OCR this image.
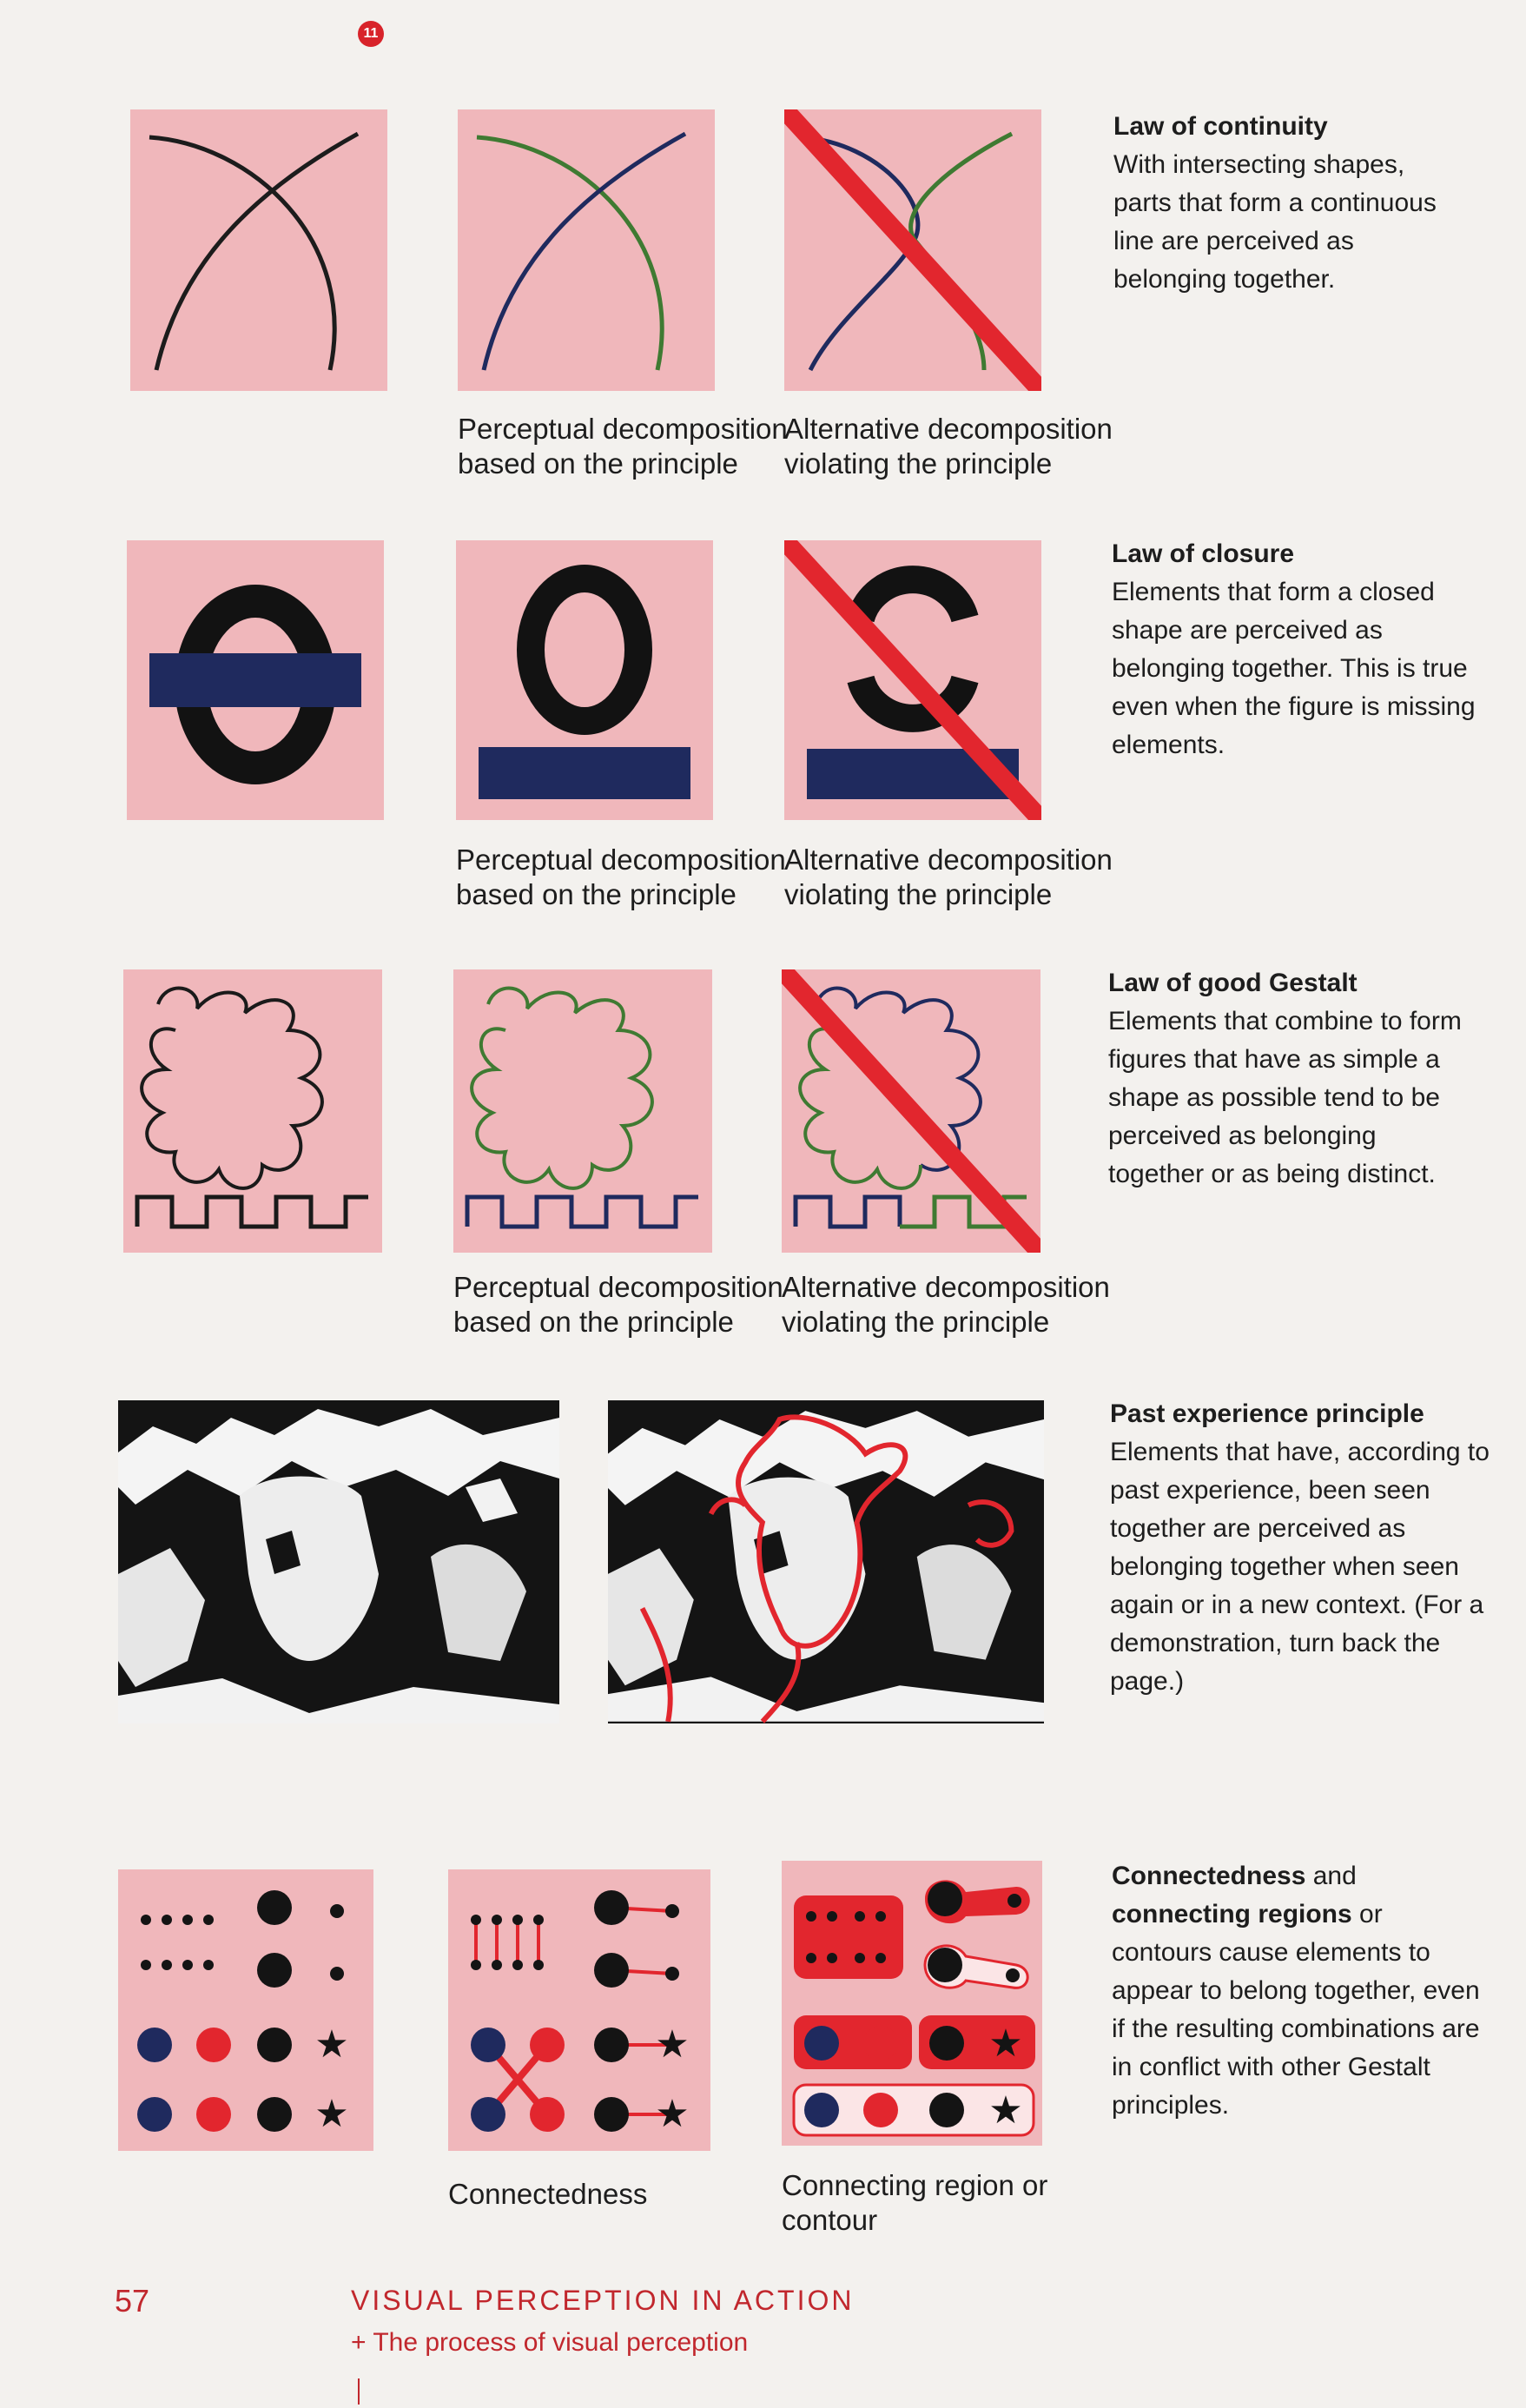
11
Perceptual decomposition
based on the principle
Alternative decomposition
violating the principle
Law of continuity
With intersecting shapes, parts that form a continuous line are perceived as belonging together.
Perceptual decomposition
based on the principle
Alternative decomposition
violating the principle
Law of closure
Elements that form a closed shape are perceived as belonging together. This is true even when the figure is missing elements.
Perceptual decomposition
based on the principle
Alternative decomposition
violating the principle
Law of good Gestalt
Elements that combine to form figures that have as simple a shape as possible tend to be perceived as belonging together or as being distinct.
Past experience principle
Elements that have, according to past experience, been seen together are perceived as belonging together when seen again or in a new context. (For a demonstration, turn back the page.)
★
★
★
★
★
★
Connectedness	Connecting region or
contour
Connectedness and connecting regions or contours cause elements to appear to belong together, even if the resulting combinations are in conflict with other Gestalt principles.
57	VISUAL PERCEPTION IN ACTION
+ The process of visual perception
